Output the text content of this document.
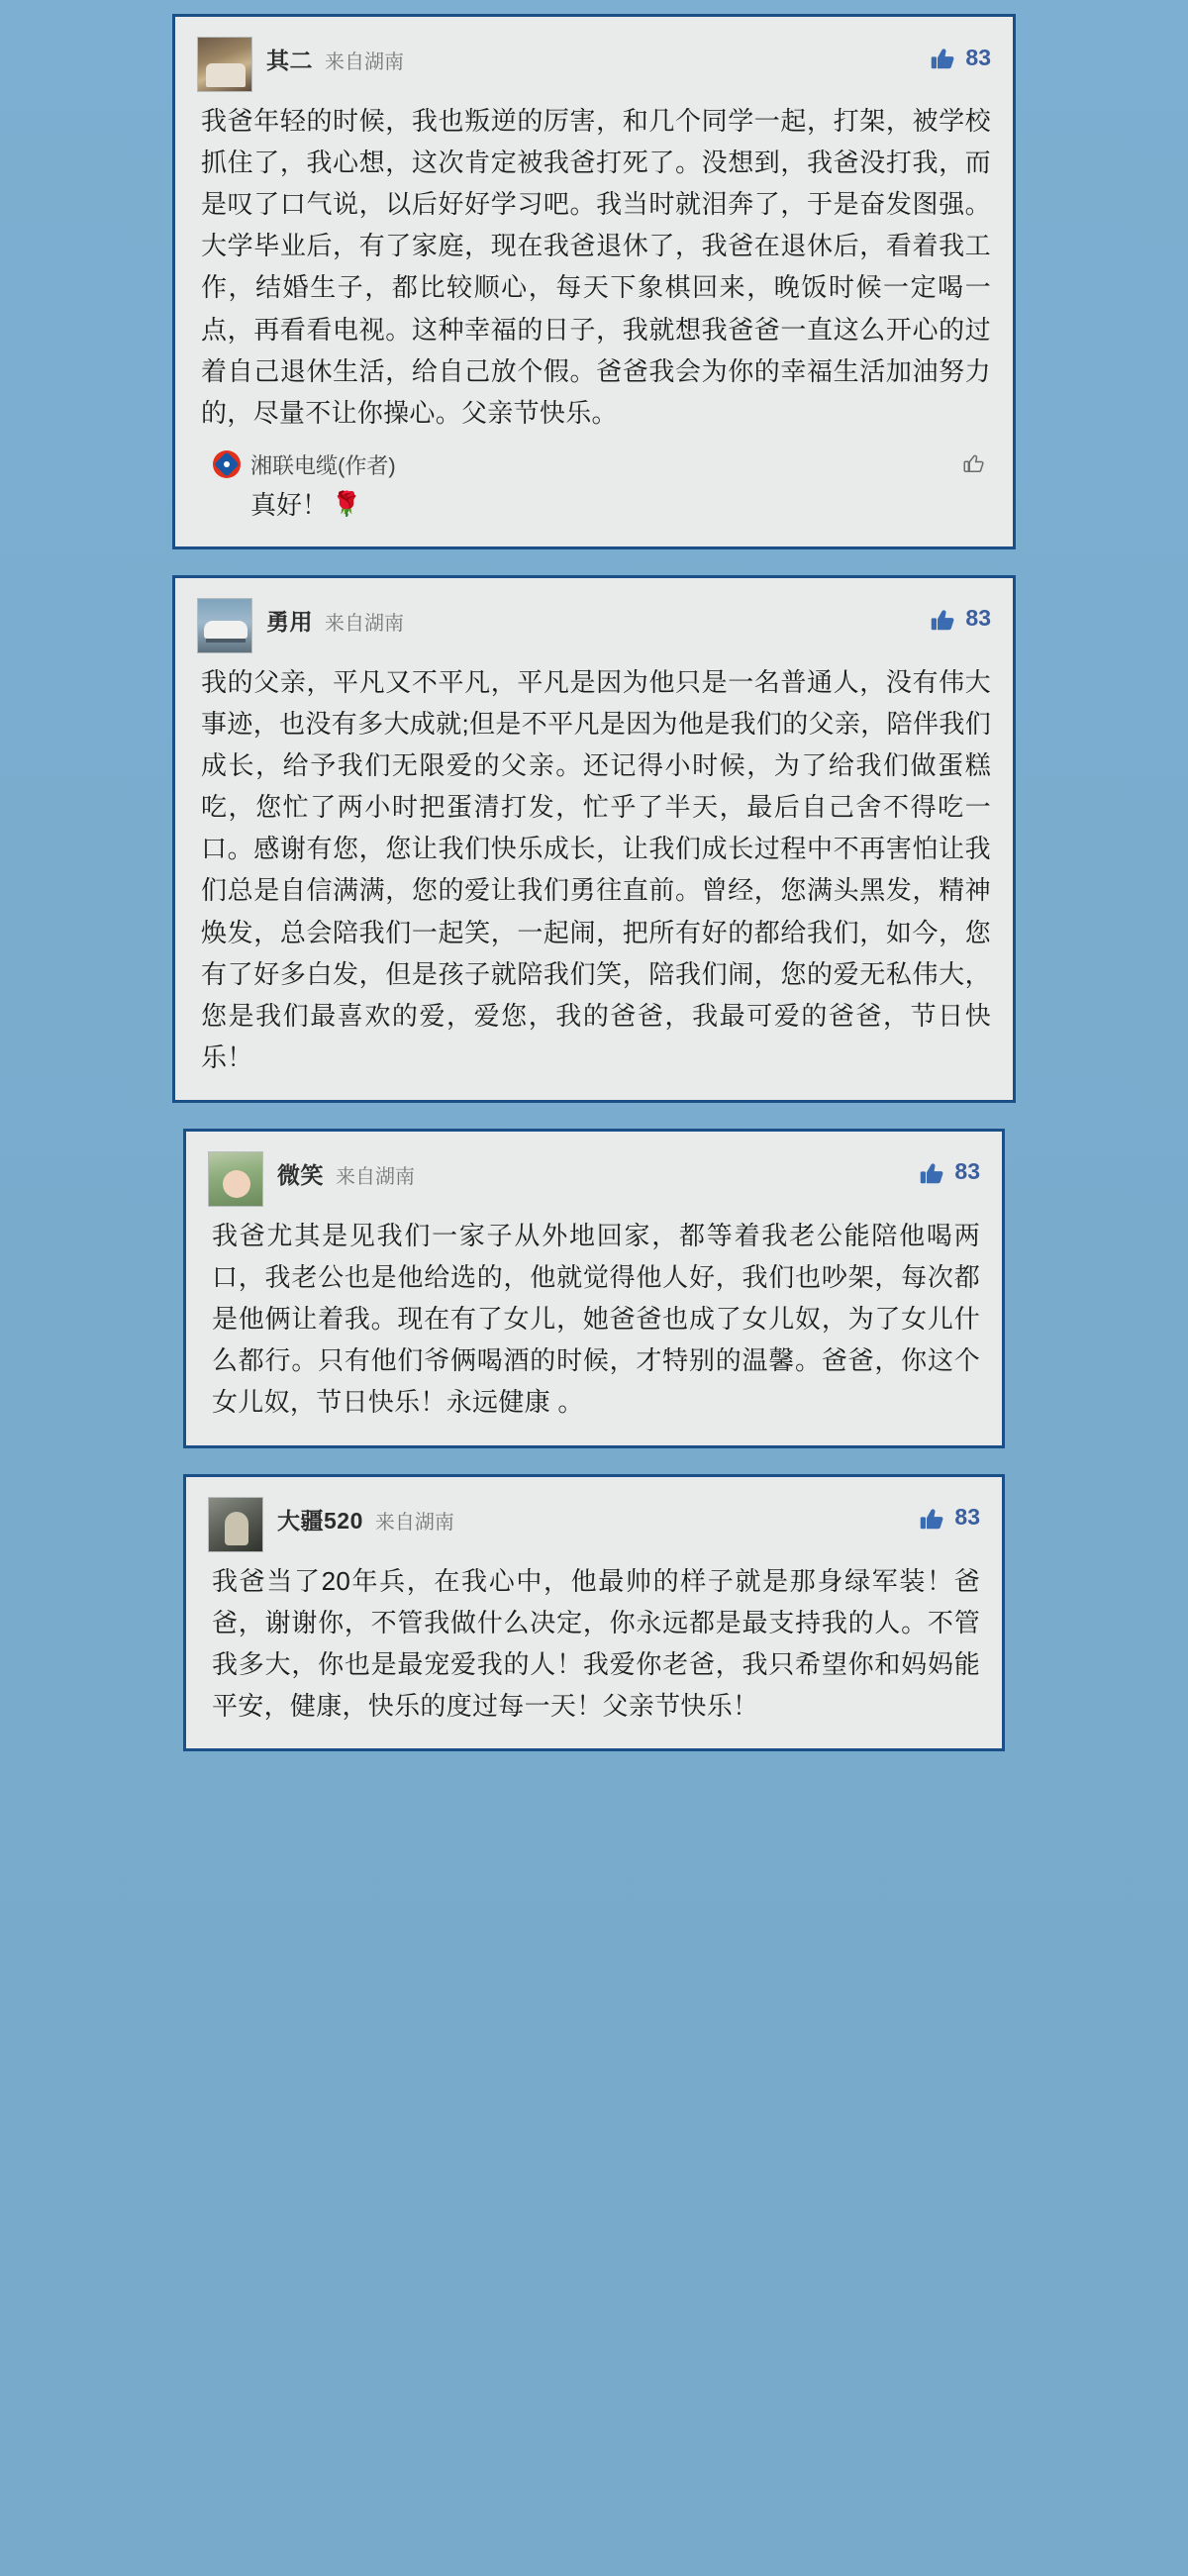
其二 来自湖南	83
我爸年轻的时候，我也叛逆的厉害，和几个同学一起，打架，被学校抓住了，我心想，这次肯定被我爸打死了。没想到，我爸没打我，而是叹了口气说，以后好好学习吧。我当时就泪奔了，于是奋发图强。大学毕业后，有了家庭，现在我爸退休了，我爸在退休后，看着我工作，结婚生子，都比较顺心，每天下象棋回来，晚饭时候一定喝一点，再看看电视。这种幸福的日子，我就想我爸爸一直这么开心的过着自己退休生活，给自己放个假。爸爸我会为你的幸福生活加油努力的，尽量不让你操心。父亲节快乐。
湘联电缆(作者)
真好！ 🌹
勇用 来自湖南	83
我的父亲，平凡又不平凡，平凡是因为他只是一名普通人，没有伟大事迹，也没有多大成就;但是不平凡是因为他是我们的父亲，陪伴我们成长，给予我们无限爱的父亲。还记得小时候，为了给我们做蛋糕吃，您忙了两小时把蛋清打发，忙乎了半天，最后自己舍不得吃一口。感谢有您，您让我们快乐成长，让我们成长过程中不再害怕让我们总是自信满满，您的爱让我们勇往直前。曾经，您满头黑发，精神焕发，总会陪我们一起笑，一起闹，把所有好的都给我们，如今，您有了好多白发，但是孩子就陪我们笑，陪我们闹，您的爱无私伟大，您是我们最喜欢的爱，爱您，我的爸爸，我最可爱的爸爸，节日快乐！
微笑 来自湖南	83
我爸尤其是见我们一家子从外地回家，都等着我老公能陪他喝两口，我老公也是他给选的，他就觉得他人好，我们也吵架，每次都是他俩让着我。现在有了女儿，她爸爸也成了女儿奴，为了女儿什么都行。只有他们爷俩喝酒的时候，才特别的温馨。爸爸，你这个女儿奴，节日快乐！永远健康 。
大疆520 来自湖南	83
我爸当了20年兵，在我心中，他最帅的样子就是那身绿军装！爸爸，谢谢你，不管我做什么决定，你永远都是最支持我的人。不管我多大，你也是最宠爱我的人！我爱你老爸，我只希望你和妈妈能平安，健康，快乐的度过每一天！父亲节快乐！
